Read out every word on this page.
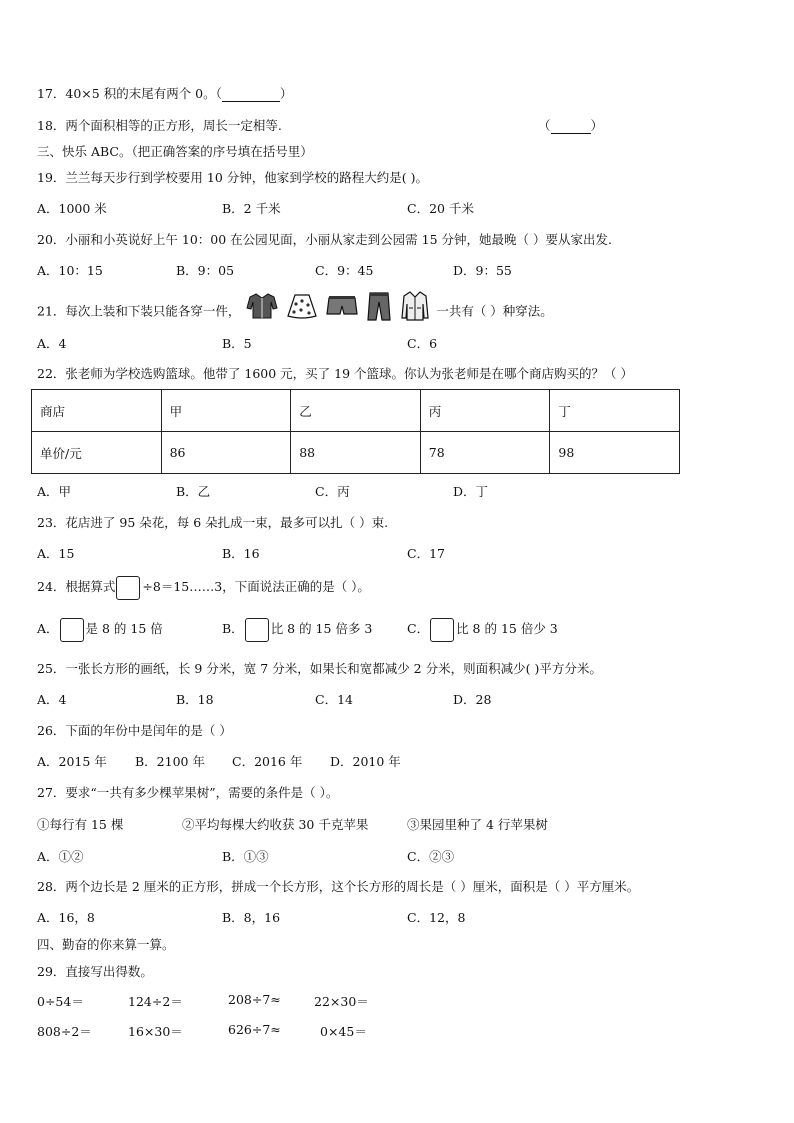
17．40×5 积的末尾有两个 0。（	）
18．两个面积相等的正方形，周长一定相等.	（	）
三、快乐 ABC。（把正确答案的序号填在括号里）
19．兰兰每天步行到学校要用 10 分钟，他家到学校的路程大约是( )。
A．1000 米	B．2 千米	C．20 千米
20．小丽和小英说好上午 10：00 在公园见面，小丽从家走到公园需 15 分钟，她最晚（ ）要从家出发.
A．10：15	B．9：05	C．9：45	D．9：55
21．每次上装和下装只能各穿一件，	一共有（ ）种穿法。
A．4	B．5	C．6
22．张老师为学校选购篮球。他带了 1600 元，买了 19 个篮球。你认为张老师是在哪个商店购买的？（ ）
商店	甲	乙	丙	丁
单价/元	86	88	78	98
A．甲	B．乙	C．丙	D．丁
23．花店进了 95 朵花，每 6 朵扎成一束，最多可以扎（ ）束.
A．15	B．16	C．17
24．根据算式 ÷8＝15……3，下面说法正确的是（ ）。
A． 是 8 的 15 倍	B． 比 8 的 15 倍多 3	C． 比 8 的 15 倍少 3
25．一张长方形的画纸，长 9 分米，宽 7 分米，如果长和宽都减少 2 分米，则面积减少( )平方分米。
A．4	B．18	C．14	D．28
26．下面的年份中是闰年的是（ ）
A．2015 年 B．2100 年 C．2016 年 D．2010 年
27．要求“一共有多少棵苹果树”，需要的条件是（ ）。
①每行有 15 棵	②平均每棵大约收获 30 千克苹果	③果园里种了 4 行苹果树
A．①②	B．①③	C．②③
28．两个边长是 2 厘米的正方形，拼成一个长方形，这个长方形的周长是（ ）厘米，面积是（ ）平方厘米。
A．16，8	B．8，16	C．12，8
四、勤奋的你来算一算。
29．直接写出得数。
0÷54＝	124÷2＝	208÷7≈	22×30＝
808÷2＝	16×30＝	626÷7≈	0×45＝
